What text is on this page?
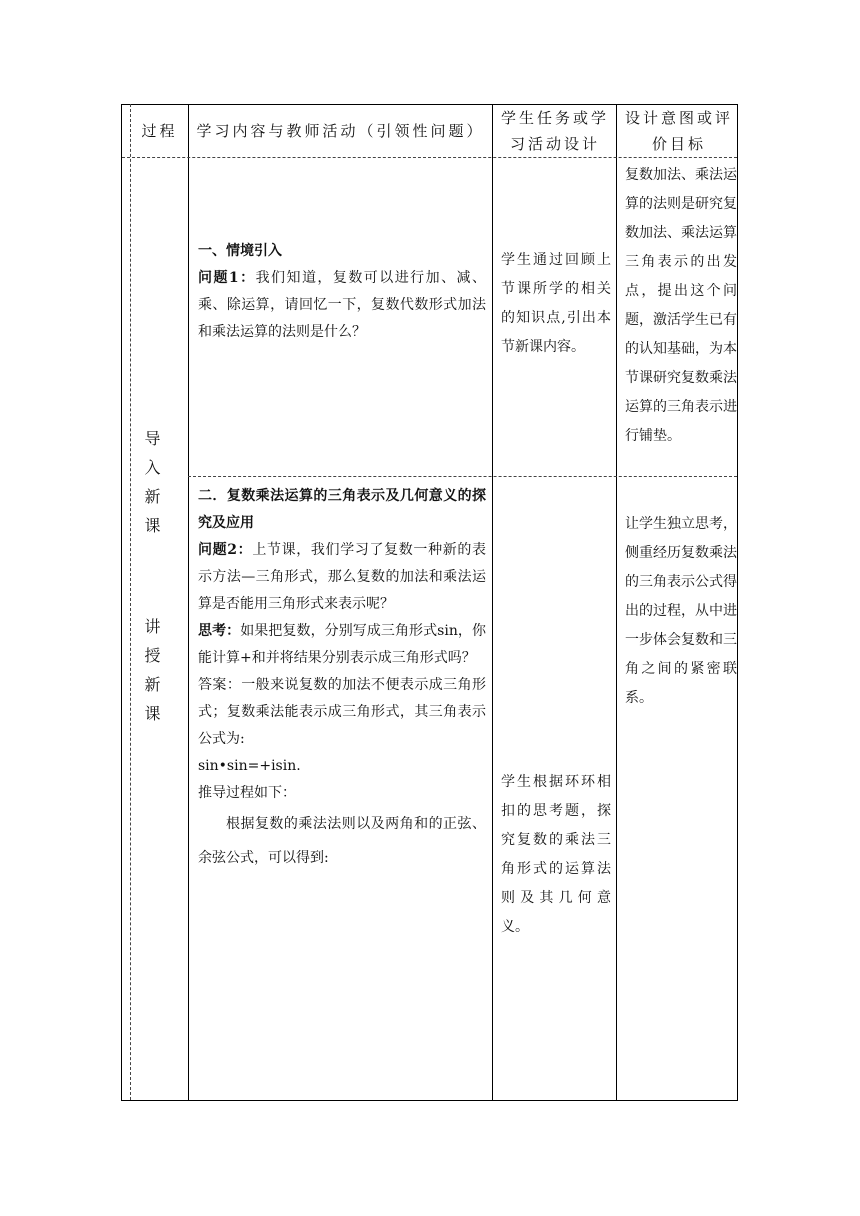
过程	学习内容与教师活动（引领性问题）
学生任务或学习活动设计
设计意图或评价目标
导 入
新 课
讲 授
新 课

一、情境引入

问题1：我们知道，复数可以进行加、减、乘、除运算，请回忆一下，复数代数形式加法和乘法运算的法则是什么？

学生通过回顾上节课所学的相关的知识点,引出本节新课内容。
复数加法、乘法运算的法则是研究复数加法、乘法运算三角表示的出发点，提出这个问题，激活学生已有的认知基础，为本节课研究复数乘法运算的三角表示进行铺垫。

二．复数乘法运算的三角表示及几何意义的探究及应用

问题2：上节课，我们学习了复数一种新的表示方法—三角形式，那么复数的加法和乘法运算是否能用三角形式来表示呢？

思考：如果把复数，分别写成三角形式sin，你能计算+和并将结果分别表示成三角形式吗？

答案：一般来说复数的加法不便表示成三角形式；复数乘法能表示成三角形式，其三角表示公式为:

sin•sin=+isin.

推导过程如下：

根据复数的乘法法则以及两角和的正弦、余弦公式，可以得到:

学生根据环环相扣的思考题，探究复数的乘法三角形式的运算法则及其几何意义。
让学生独立思考，侧重经历复数乘法的三角表示公式得出的过程，从中进一步体会复数和三角之间的紧密联系。
